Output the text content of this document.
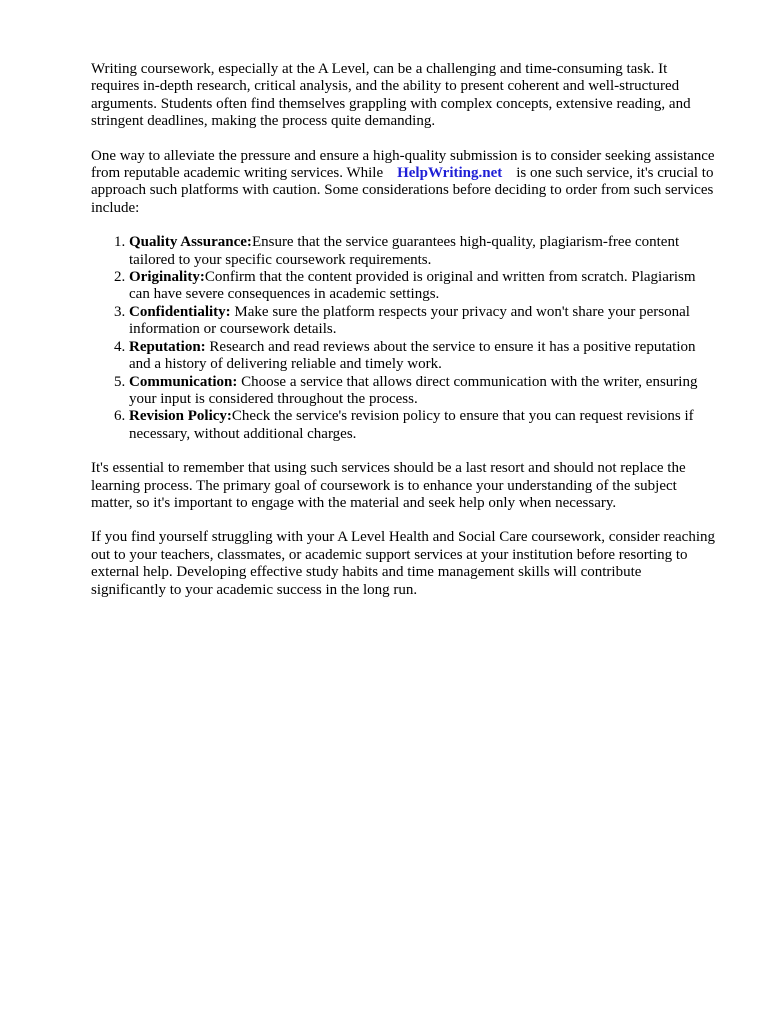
Writing coursework, especially at the A Level, can be a challenging and time-consuming task. It requires in-depth research, critical analysis, and the ability to present coherent and well-structured arguments. Students often find themselves grappling with complex concepts, extensive reading, and stringent deadlines, making the process quite demanding.

One way to alleviate the pressure and ensure a high-quality submission is to consider seeking assistance from reputable academic writing services. While HelpWriting.net is one such service, it's crucial to approach such platforms with caution. Some considerations before deciding to order from such services include:

1. Quality Assurance:Ensure that the service guarantees high-quality, plagiarism-free content tailored to your specific coursework requirements.
2. Originality:Confirm that the content provided is original and written from scratch. Plagiarism can have severe consequences in academic settings.
3. Confidentiality: Make sure the platform respects your privacy and won't share your personal information or coursework details.
4. Reputation: Research and read reviews about the service to ensure it has a positive reputation and a history of delivering reliable and timely work.
5. Communication: Choose a service that allows direct communication with the writer, ensuring your input is considered throughout the process.
6. Revision Policy:Check the service's revision policy to ensure that you can request revisions if necessary, without additional charges.

It's essential to remember that using such services should be a last resort and should not replace the learning process. The primary goal of coursework is to enhance your understanding of the subject matter, so it's important to engage with the material and seek help only when necessary.

If you find yourself struggling with your A Level Health and Social Care coursework, consider reaching out to your teachers, classmates, or academic support services at your institution before resorting to external help. Developing effective study habits and time management skills will contribute significantly to your academic success in the long run.
